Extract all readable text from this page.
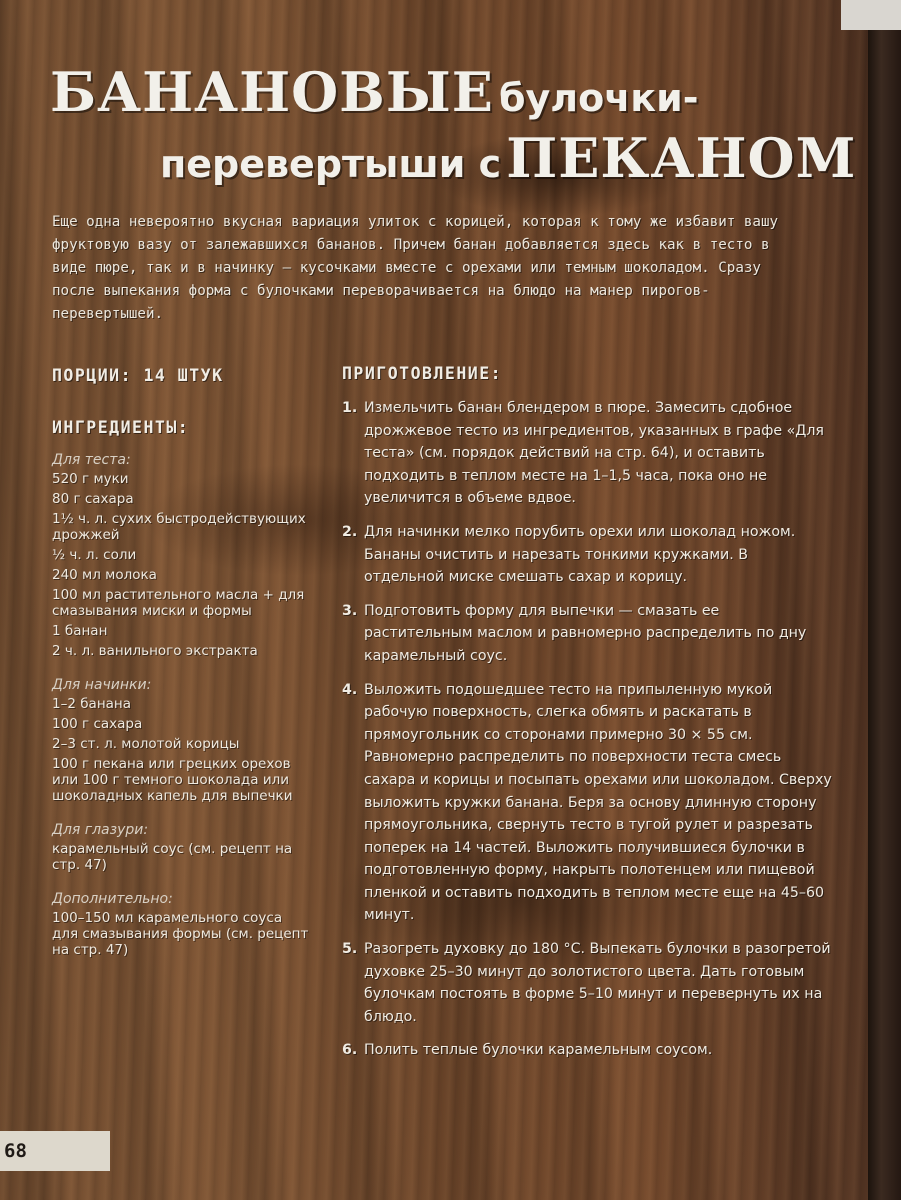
БАНАНОВЫЕ булочки-
перевертыши с ПЕКАНОМ
Еще одна невероятно вкусная вариация улиток с корицей, которая к тому же избавит вашу фруктовую вазу от залежавшихся бананов. Причем банан добавляется здесь как в тесто в виде пюре, так и в начинку — кусочками вместе с орехами или темным шоколадом. Сразу после выпекания форма с булочками переворачивается на блюдо на манер пирогов-перевертышей.
ПОРЦИИ: 14 ШТУК
ИНГРЕДИЕНТЫ:
Для теста:
520 г муки
80 г сахара
1½ ч. л. сухих быстродействующих дрожжей
½ ч. л. соли
240 мл молока
100 мл растительного масла + для смазывания миски и формы
1 банан
2 ч. л. ванильного экстракта
Для начинки:
1–2 банана
100 г сахара
2–3 ст. л. молотой корицы
100 г пекана или грецких орехов или 100 г темного шоколада или шоколадных капель для выпечки
Для глазури:
карамельный соус (см. рецепт на стр. 47)
Дополнительно:
100–150 мл карамельного соуса для смазывания формы (см. рецепт на стр. 47)
ПРИГОТОВЛЕНИЕ:
1. Измельчить банан блендером в пюре. Замесить сдобное дрожжевое тесто из ингредиентов, указанных в графе «Для теста» (см. порядок действий на стр. 64), и оставить подходить в теплом месте на 1–1,5 часа, пока оно не увеличится в объеме вдвое.
2. Для начинки мелко порубить орехи или шоколад ножом. Бананы очистить и нарезать тонкими кружками. В отдельной миске смешать сахар и корицу.
3. Подготовить форму для выпечки — смазать ее растительным маслом и равномерно распределить по дну карамельный соус.
4. Выложить подошедшее тесто на припыленную мукой рабочую поверхность, слегка обмять и раскатать в прямоугольник со сторонами примерно 30 × 55 см. Равномерно распределить по поверхности теста смесь сахара и корицы и посыпать орехами или шоколадом. Сверху выложить кружки банана. Беря за основу длинную сторону прямоугольника, свернуть тесто в тугой рулет и разрезать поперек на 14 частей. Выложить получившиеся булочки в подготовленную форму, накрыть полотенцем или пищевой пленкой и оставить подходить в теплом месте еще на 45–60 минут.
5. Разогреть духовку до 180 °С. Выпекать булочки в разогретой духовке 25–30 минут до золотистого цвета. Дать готовым булочкам постоять в форме 5–10 минут и перевернуть их на блюдо.
6. Полить теплые булочки карамельным соусом.
68
